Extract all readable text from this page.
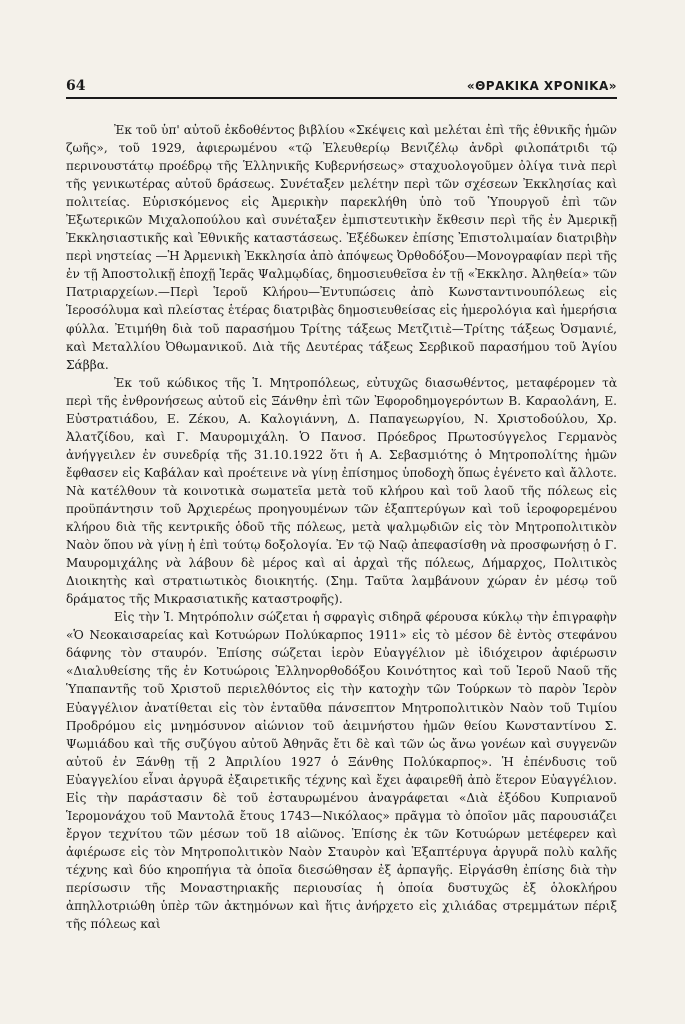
64	«ΘΡΑΚΙΚΑ ΧΡΟΝΙΚΑ»

Ἐκ τοῦ ὑπ' αὐτοῦ ἐκδοθέντος βιβλίου «Σκέψεις καὶ μελέται ἐπὶ τῆς ἐθνικῆς ἡμῶν ζωῆς», τοῦ 1929, ἀφιερωμένου «τῷ Ἐλευθερίῳ Βενιζέλῳ ἀνδρὶ φιλοπάτριδι τῷ περινουστάτῳ προέδρῳ τῆς Ἑλληνικῆς Κυβερνήσεως» σταχυολογοῦμεν ὀλίγα τινὰ περὶ τῆς γενικωτέρας αὐτοῦ δράσεως. Συνέταξεν μελέτην περὶ τῶν σχέσεων Ἐκκλησίας καὶ πολιτείας. Εὑρισκόμενος εἰς Ἀμερικὴν παρεκλήθη ὑπὸ τοῦ Ὑπουργοῦ ἐπὶ τῶν Ἐξωτερικῶν Μιχαλοπούλου καὶ συνέταξεν ἐμπιστευτικὴν ἔκθεσιν περὶ τῆς ἐν Ἀμερικῇ Ἐκκλησιαστικῆς καὶ Ἐθνικῆς καταστάσεως. Ἐξέδωκεν ἐπίσης Ἐπιστολιμαίαν διατριβὴν περὶ νηστείας —Ἡ Ἀρμενικὴ Ἐκκλησία ἀπὸ ἀπόψεως Ὀρθοδόξου—Μονογραφίαν περὶ τῆς ἐν τῇ Ἀποστολικῇ ἐποχῇ Ἱερᾶς Ψαλμῳδίας, δημοσιευθεῖσα ἐν τῇ «Ἐκκλησ. Ἀληθεία» τῶν Πατριαρχείων.—Περὶ Ἱεροῦ Κλήρου—Ἐντυπώσεις ἀπὸ Κωνσταντινουπόλεως εἰς Ἱεροσόλυμα καὶ πλείστας ἑτέρας διατριβὰς δημοσιευθείσας εἰς ἡμερολόγια καὶ ἡμερήσια φύλλα. Ἐτιμήθη διὰ τοῦ παρασήμου Τρίτης τάξεως Μετζιτιὲ—Τρίτης τάξεως Ὀσμανιέ, καὶ Μεταλλίου Ὀθωμανικοῦ. Διὰ τῆς Δευτέρας τάξεως Σερβικοῦ παρασήμου τοῦ Ἁγίου Σάββα.

Ἐκ τοῦ κώδικος τῆς Ἱ. Μητροπόλεως, εὐτυχῶς διασωθέντος, μεταφέρομεν τὰ περὶ τῆς ἐνθρονήσεως αὐτοῦ εἰς Ξάνθην ἐπὶ τῶν Ἐφοροδημογερόντων Β. Καραολάνη, Ε. Εὐστρατιάδου, Ε. Ζέκου, Α. Καλογιάννη, Δ. Παπαγεωργίου, Ν. Χριστοδούλου, Χρ. Ἀλατζίδου, καὶ Γ. Μαυρομιχάλη. Ὁ Πανοσ. Πρόεδρος Πρωτοσύγγελος Γερμανὸς ἀνήγγειλεν ἐν συνεδρίᾳ τῆς 31.10.1922 ὅτι ἡ Α. Σεβασμιότης ὁ Μητροπολίτης ἡμῶν ἔφθασεν εἰς Καβάλαν καὶ προέτεινε νὰ γίνῃ ἐπίσημος ὑποδοχὴ ὅπως ἐγένετο καὶ ἄλλοτε. Νὰ κατέλθουν τὰ κοινοτικὰ σωματεῖα μετὰ τοῦ κλήρου καὶ τοῦ λαοῦ τῆς πόλεως εἰς προϋπάντησιν τοῦ Ἀρχιερέως προηγουμένων τῶν ἑξαπτερύγων καὶ τοῦ ἱεροφορεμένου κλήρου διὰ τῆς κεντρικῆς ὁδοῦ τῆς πόλεως, μετὰ ψαλμῳδιῶν εἰς τὸν Μητροπολιτικὸν Ναὸν ὅπου νὰ γίνῃ ἡ ἐπὶ τούτῳ δοξολογία. Ἐν τῷ Ναῷ ἀπεφασίσθη νὰ προσφωνήσῃ ὁ Γ. Μαυρομιχάλης νὰ λάβουν δὲ μέρος καὶ αἱ ἀρχαὶ τῆς πόλεως, Δήμαρχος, Πολιτικὸς Διοικητὴς καὶ στρατιωτικὸς διοικητής. (Σημ. Ταῦτα λαμβάνουν χώραν ἐν μέσῳ τοῦ δράματος τῆς Μικρασιατικῆς καταστροφῆς).

Εἰς τὴν Ἱ. Μητρόπολιν σώζεται ἡ σφραγὶς σιδηρᾶ φέρουσα κύκλῳ τὴν ἐπιγραφὴν «Ὁ Νεοκαισαρείας καὶ Κοτυώρων Πολύκαρπος 1911» εἰς τὸ μέσον δὲ ἐντὸς στεφάνου δάφνης τὸν σταυρόν. Ἐπίσης σώζεται ἱερὸν Εὐαγγέλιον μὲ ἰδιόχειρον ἀφιέρωσιν «Διαλυθείσης τῆς ἐν Κοτυώροις Ἑλληνορθοδόξου Κοινότητος καὶ τοῦ Ἱεροῦ Ναοῦ τῆς Ὑπαπαντῆς τοῦ Χριστοῦ περιελθόντος εἰς τὴν κατοχὴν τῶν Τούρκων τὸ παρὸν Ἱερὸν Εὐαγγέλιον ἀνατίθεται εἰς τὸν ἐνταῦθα πάνσεπτον Μητροπολιτικὸν Ναὸν τοῦ Τιμίου Προδρόμου εἰς μνημόσυνον αἰώνιον τοῦ ἀειμνήστου ἡμῶν θείου Κωνσταντίνου Σ. Ψωμιάδου καὶ τῆς συζύγου αὐτοῦ Ἀθηνᾶς ἔτι δὲ καὶ τῶν ὡς ἄνω γονέων καὶ συγγενῶν αὐτοῦ ἐν Ξάνθῃ τῇ 2 Ἀπριλίου 1927 ὁ Ξάνθης Πολύκαρπος». Ἡ ἐπένδυσις τοῦ Εὐαγγελίου εἶναι ἀργυρᾶ ἐξαιρετικῆς τέχνης καὶ ἔχει ἀφαιρεθῆ ἀπὸ ἕτερον Εὐαγγέλιον. Εἰς τὴν παράστασιν δὲ τοῦ ἐσταυρωμένου ἀναγράφεται «Διὰ ἐξόδου Κυπριανοῦ Ἱερομονάχου τοῦ Μαντολᾶ ἔτους 1743—Νικόλαος» πρᾶγμα τὸ ὁποῖον μᾶς παρουσιάζει ἔργον τεχνίτου τῶν μέσων τοῦ 18 αἰῶνος. Ἐπίσης ἐκ τῶν Κοτυώρων μετέφερεν καὶ ἀφιέρωσε εἰς τὸν Μητροπολιτικὸν Ναὸν Σταυρὸν καὶ Ἑξαπτέρυγα ἀργυρᾶ πολὺ καλῆς τέχνης καὶ δύο κηροπήγια τὰ ὁποῖα διεσώθησαν ἐξ ἁρπαγῆς. Εἰργάσθη ἐπίσης διὰ τὴν περίσωσιν τῆς Μοναστηριακῆς περιουσίας ἡ ὁποία δυστυχῶς ἐξ ὁλοκλήρου ἀπηλλοτριώθη ὑπὲρ τῶν ἀκτημόνων καὶ ἥτις ἀνήρχετο εἰς χιλιάδας στρεμμάτων πέριξ τῆς πόλεως καὶ
